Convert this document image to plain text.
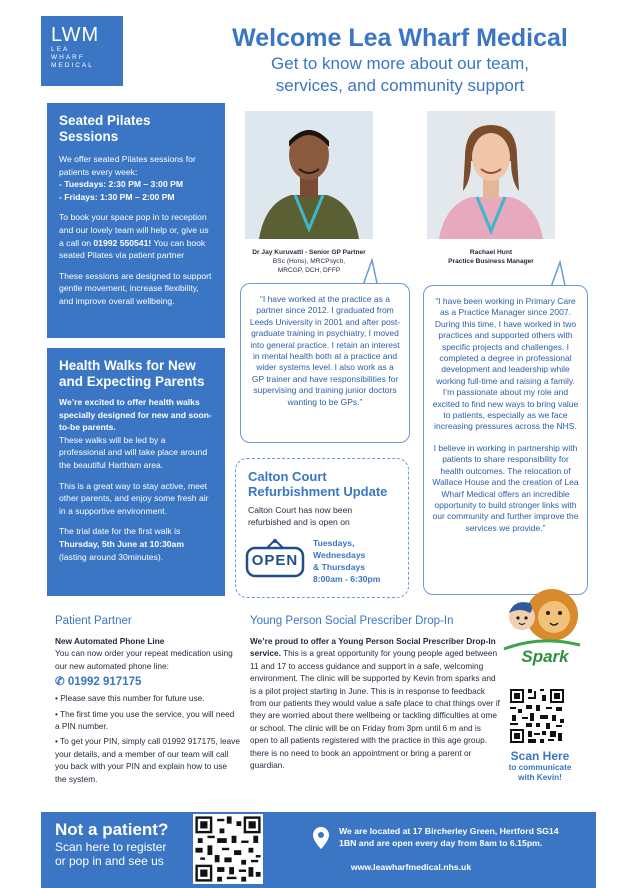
LWM
LEA
WHARF
MEDICAL
Welcome Lea Wharf Medical
Get to know more about our team,
services, and community support
Seated Pilates Sessions

We offer seated Pilates sessions for patients every week:

- Tuesdays: 2:30 PM – 3:00 PM

- Fridays: 1:30 PM – 2:00 PM

To book your space pop in to reception and our lovely team will help or, give us a call on 01992 550541! You can book seated Pilates via patient partner

These sessions are designed to support gentle movement, increase flexibility, and improve overall wellbeing.

Health Walks for New
and Expecting Parents

We’re excited to offer health walks specially designed for new and soon-to-be parents.

These walks will be led by a professional and will take place around the beautiful Hartham area.

This is a great way to stay active, meet other parents, and enjoy some fresh air in a supportive environment.

The trial date for the first walk is Thursday, 5th June at 10:30am (lasting around 30minutes).

Dr Jay Kuruvatti - Senior GP Partner
BSc (Hons), MRCPsych,
MRCGP, DCH, DFFP
Rachael Hunt
Practice Business Manager

“I have worked at the practice as a partner since 2012. I graduated from Leeds University in 2001 and after post-graduate training in psychiatry, I moved into general practice. I retain an interest in mental health both at a practice and wider systems level. I also work as a GP trainer and have responsibilities for supervising and training junior doctors wanting to be GPs.”

“I have been working in Primary Care as a Practice Manager since 2007. During this time, I have worked in two practices and supported others with specific projects and challenges. I completed a degree in professional development and leadership while working full-time and raising a family. I’m passionate about my role and excited to find new ways to bring value to patients, especially as we face increasing pressures across the NHS.

I believe in working in partnership with patients to share responsibility for health outcomes. The relocation of Wallace House and the creation of Lea Wharf Medical offers an incredible opportunity to build stronger links with our community and further improve the services we provide.”

Calton Court
Refurbishment Update

Calton Court has now been refurbished and is open on

OPEN
Tuesdays,
Wednesdays
& Thursdays
8:00am - 6:30pm
Patient Partner
New Automated Phone Line
You can now order your repeat medication using our new automated phone line:
✆ 01992 917175
• Please save this number for future use.
• The first time you use the service, you will need a PIN number.
• To get your PIN, simply call 01992 917175, leave your details, and a member of our team will call you back with your PIN and explain how to use the system.
Young Person Social Prescriber Drop-In
We’re proud to offer a Young Person Social Prescriber Drop-In service. This is a great opportunity for young people aged between 11 and 17 to access guidance and support in a safe, welcoming environment. The clinic will be supported by Kevin from sparks and is a pilot project starting in June. This is in response to feedback from our patients they would value a safe place to chat things over if they are worried about there wellbeing or tackling difficulties at ome or school. The clinic will be on Friday from 3pm until 6 m and is open to all patients registered with the practice in this age group. there is no need to book an appointment or bring a parent or guardian.
Spark
Scan Here
to communicate
with Kevin!
Not a patient?
Scan here to register
or pop in and see us
We are located at 17 Bircherley Green, Hertford SG14
1BN and are open every day from 8am to 6.15pm.
www.leawharfmedical.nhs.uk
